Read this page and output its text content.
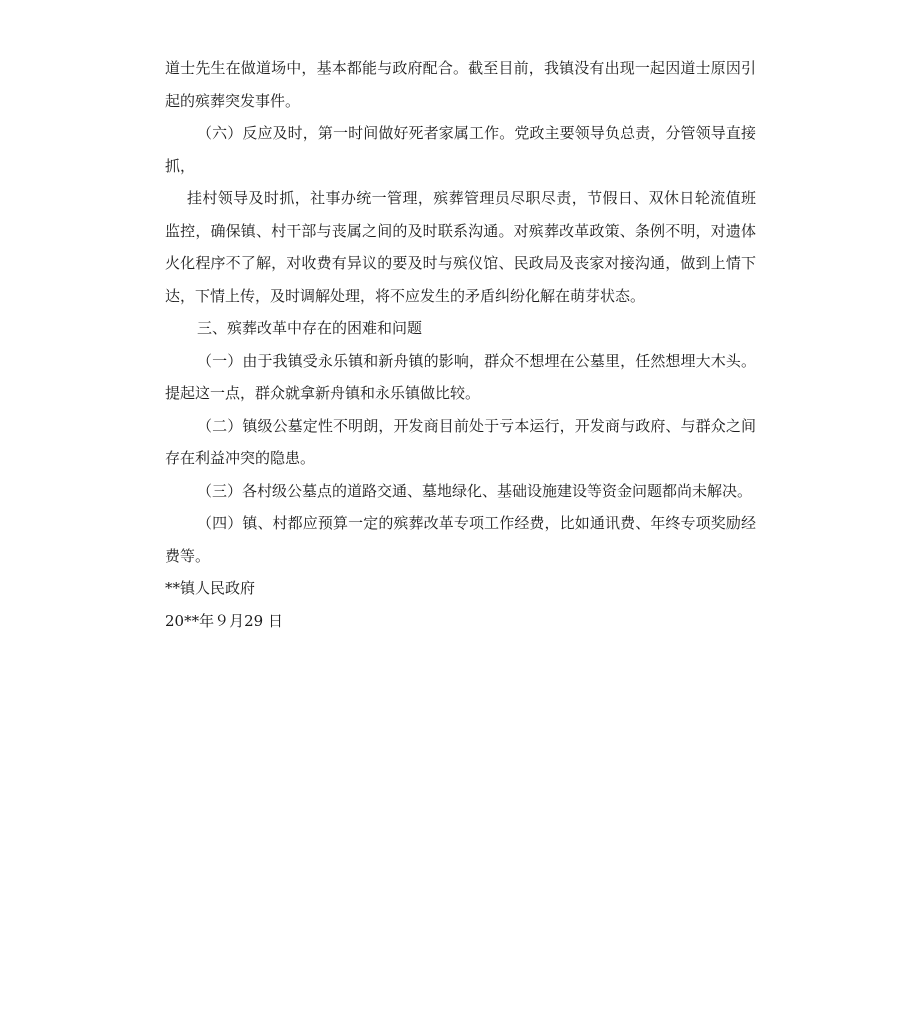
道士先生在做道场中，基本都能与政府配合。截至目前，我镇没有出现一起因道士原因引起的殡葬突发事件。

（六）反应及时，第一时间做好死者家属工作。党政主要领导负总责，分管领导直接抓，

挂村领导及时抓，社事办统一管理，殡葬管理员尽职尽责，节假日、双休日轮流值班监控，确保镇、村干部与丧属之间的及时联系沟通。对殡葬改革政策、条例不明，对遗体火化程序不了解，对收费有异议的要及时与殡仪馆、民政局及丧家对接沟通，做到上情下达，下情上传，及时调解处理，将不应发生的矛盾纠纷化解在萌芽状态。

三、殡葬改革中存在的困难和问题

（一）由于我镇受永乐镇和新舟镇的影响，群众不想埋在公墓里，任然想埋大木头。提起这一点，群众就拿新舟镇和永乐镇做比较。

（二）镇级公墓定性不明朗，开发商目前处于亏本运行，开发商与政府、与群众之间存在利益冲突的隐患。

（三）各村级公墓点的道路交通、墓地绿化、基础设施建设等资金问题都尚未解决。

（四）镇、村都应预算一定的殡葬改革专项工作经费，比如通讯费、年终专项奖励经费等。

**镇人民政府

20**年９月29 日
